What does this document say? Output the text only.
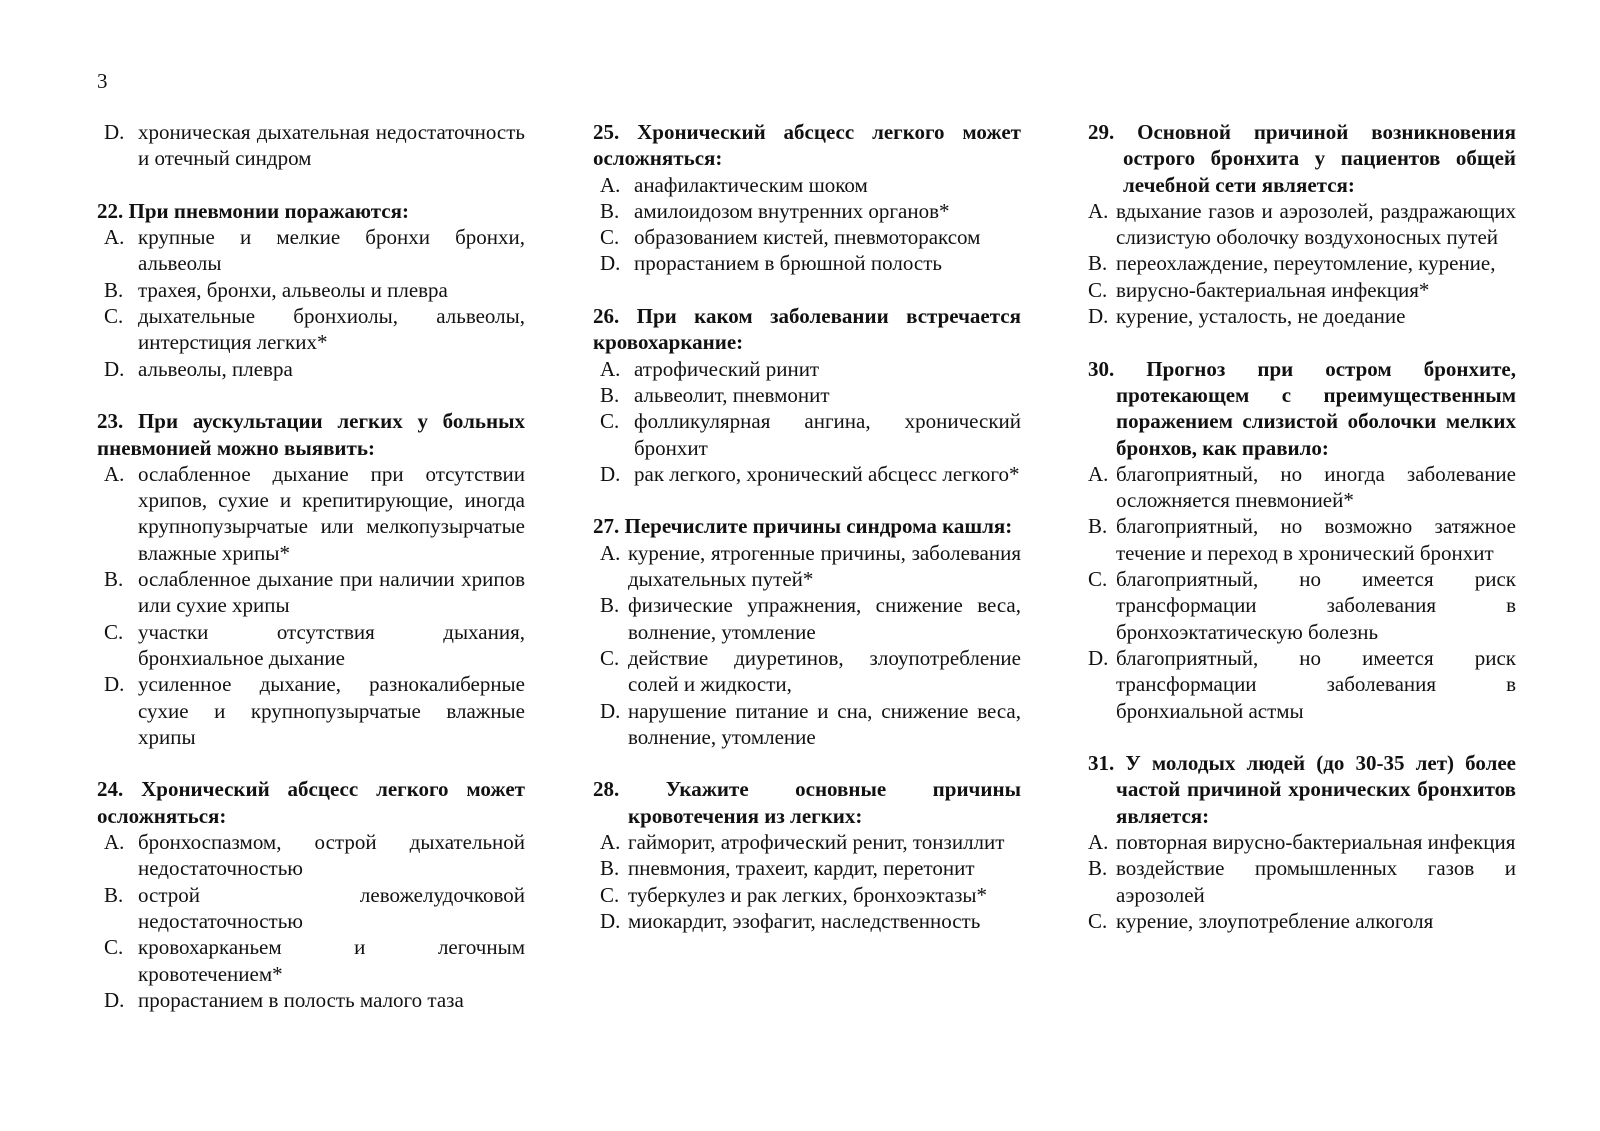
3
D. хроническая дыхательная недостаточность и отечный синдром
22. При пневмонии поражаются:
A. крупные и мелкие бронхи бронхи, альвеолы
B. трахея, бронхи, альвеолы и плевра
C. дыхательные бронхиолы, альвеолы, интерстиция легких*
D. альвеолы, плевра
23. При аускультации легких у больных пневмонией можно выявить:
A. ослабленное дыхание при отсутствии хрипов, сухие и крепитирующие, иногда крупнопузырчатые или мелкопузырчатые влажные хрипы*
B. ослабленное дыхание при наличии хрипов или сухие хрипы
C. участки отсутствия дыхания, бронхиальное дыхание
D. усиленное дыхание, разнокалиберные сухие и крупнопузырчатые влажные хрипы
24. Хронический абсцесс легкого может осложняться:
A. бронхоспазмом, острой дыхательной недостаточностью
B. острой левожелудочковой недостаточностью
C. кровохарканьем и легочным кровотечением*
D. прорастанием в полость малого таза
25. Хронический абсцесс легкого может осложняться:
A. анафилактическим шоком
B. амилоидозом внутренних органов*
C. образованием кистей, пневмотораксом
D. прорастанием в брюшной полость
26. При каком заболевании встречается кровохаркание:
A. атрофический ринит
B. альвеолит, пневмонит
C. фолликулярная ангина, хронический бронхит
D. рак легкого, хронический абсцесс легкого*
27. Перечислите причины синдрома кашля:
A. курение, ятрогенные причины, заболевания дыхательных путей*
B. физические упражнения, снижение веса, волнение, утомление
C. действие диуретинов, злоупотребление солей и жидкости,
D. нарушение питание и сна, снижение веса, волнение, утомление
28. Укажите основные причины кровотечения из легких:
A. гайморит, атрофический ренит, тонзиллит
B. пневмония, трахеит, кардит, перетонит
C. туберкулез и рак легких, бронхоэктазы*
D. миокардит, эзофагит, наследственность
29. Основной причиной возникновения острого бронхита у пациентов общей лечебной сети является:
A. вдыхание газов и аэрозолей, раздражающих слизистую оболочку воздухоносных путей
B. переохлаждение, переутомление, курение,
C. вирусно-бактериальная инфекция*
D. курение, усталость, не доедание
30. Прогноз при остром бронхите, протекающем с преимущественным поражением слизистой оболочки мелких бронхов, как правило:
A. благоприятный, но иногда заболевание осложняется пневмонией*
B. благоприятный, но возможно затяжное течение и переход в хронический бронхит
C. благоприятный, но имеется риск трансформации заболевания в бронхоэктатическую болезнь
D. благоприятный, но имеется риск трансформации заболевания в бронхиальной астмы
31. У молодых людей (до 30-35 лет) более частой причиной хронических бронхитов является:
A. повторная вирусно-бактериальная инфекция
B. воздействие промышленных газов и аэрозолей
C. курение, злоупотребление алкоголя
